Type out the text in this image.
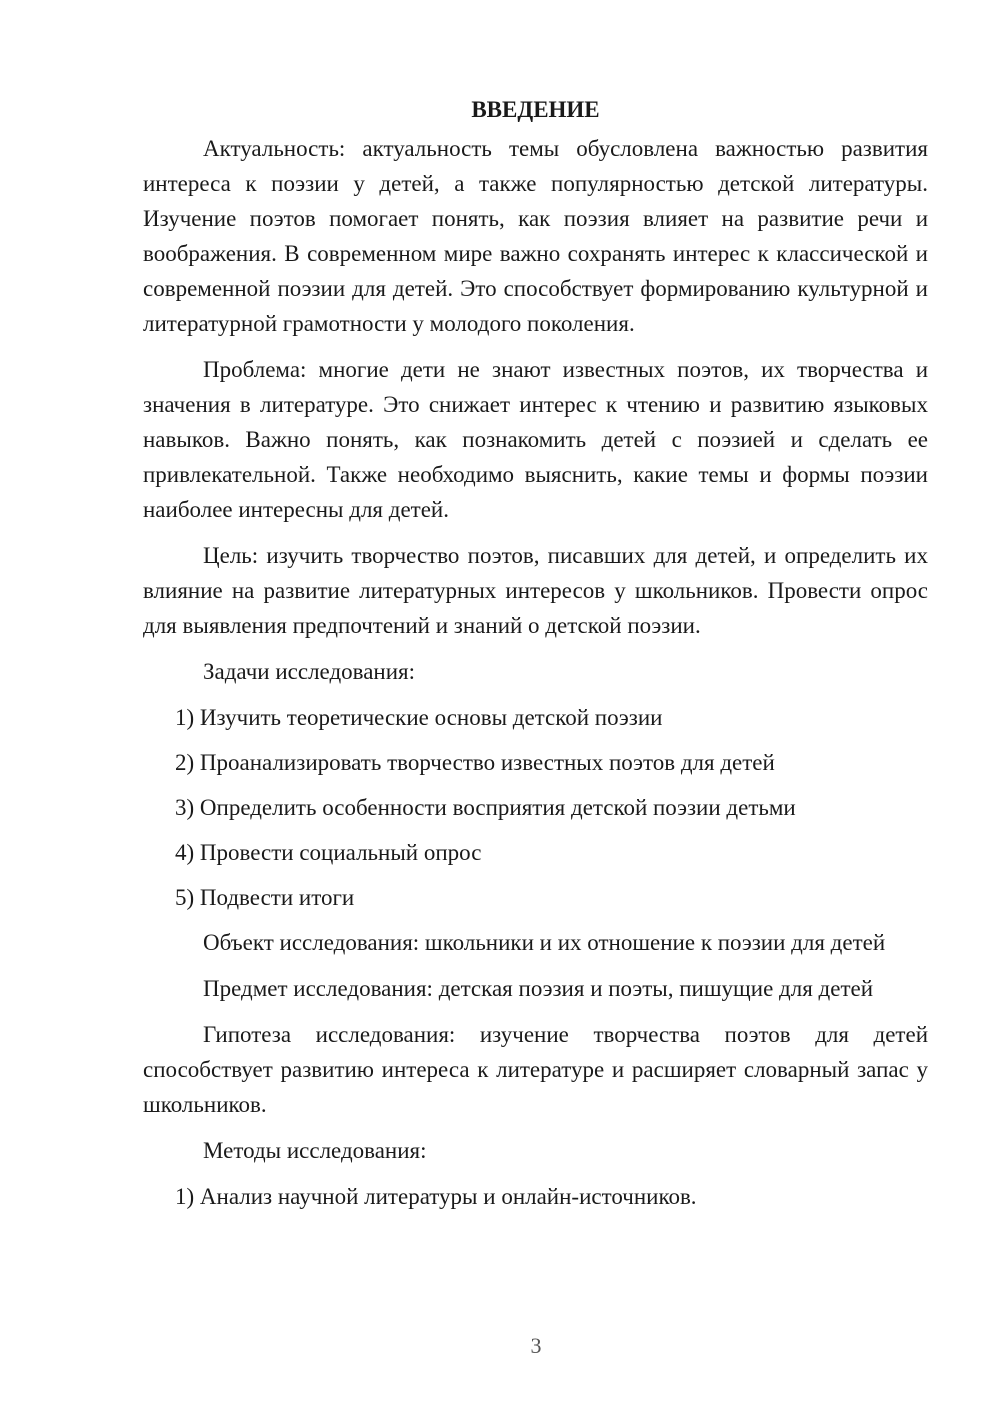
ВВЕДЕНИЕ

Актуальность: актуальность темы обусловлена важностью развития интереса к поэзии у детей, а также популярностью детской литературы. Изучение поэтов помогает понять, как поэзия влияет на развитие речи и воображения. В современном мире важно сохранять интерес к классической и современной поэзии для детей. Это способствует формированию культурной и литературной грамотности у молодого поколения.

Проблема: многие дети не знают известных поэтов, их творчества и значения в литературе. Это снижает интерес к чтению и развитию языковых навыков. Важно понять, как познакомить детей с поэзией и сделать ее привлекательной. Также необходимо выяснить, какие темы и формы поэзии наиболее интересны для детей.

Цель: изучить творчество поэтов, писавших для детей, и определить их влияние на развитие литературных интересов у школьников. Провести опрос для выявления предпочтений и знаний о детской поэзии.

Задачи исследования:

1) Изучить теоретические основы детской поэзии
2) Проанализировать творчество известных поэтов для детей
3) Определить особенности восприятия детской поэзии детьми
4) Провести социальный опрос
5) Подвести итоги

Объект исследования: школьники и их отношение к поэзии для детей

Предмет исследования: детская поэзия и поэты, пишущие для детей

Гипотеза исследования: изучение творчества поэтов для детей способствует развитию интереса к литературе и расширяет словарный запас у школьников.

Методы исследования:

1) Анализ научной литературы и онлайн-источников.
3
